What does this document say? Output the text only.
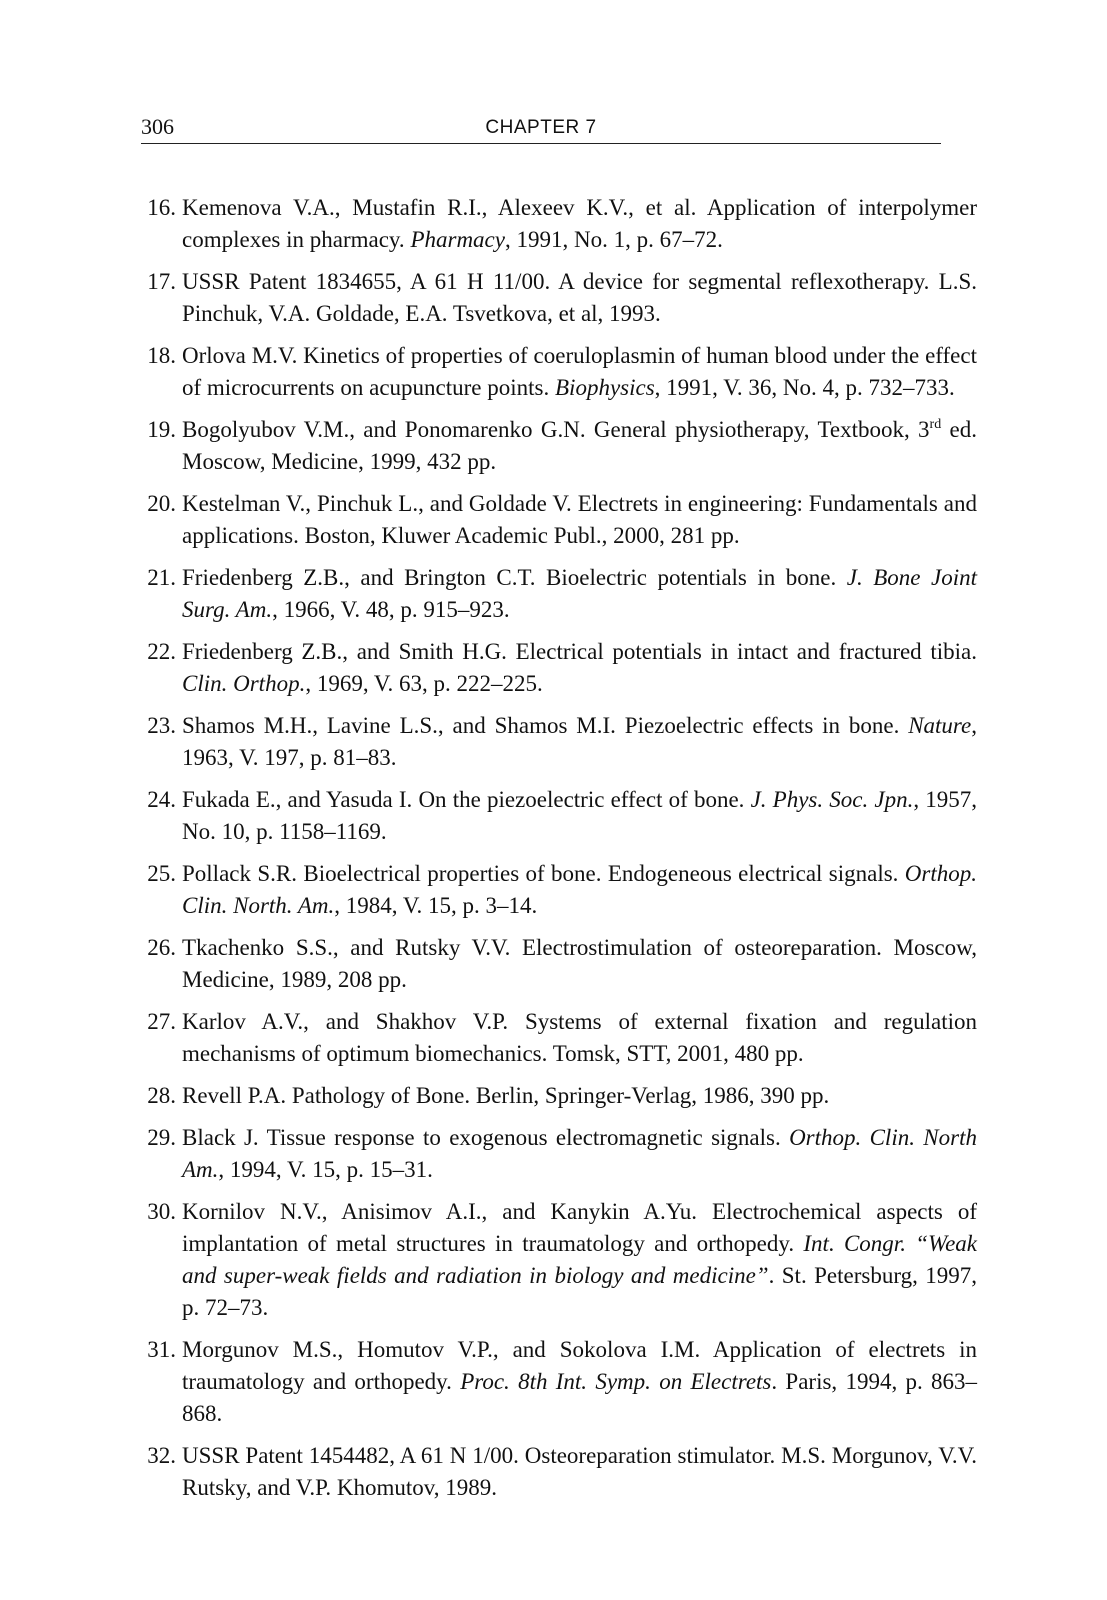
306	CHAPTER 7
16. Kemenova V.A., Mustafin R.I., Alexeev K.V., et al. Application of interpolymer complexes in pharmacy. Pharmacy, 1991, No. 1, p. 67–72.
17. USSR Patent 1834655, A 61 H 11/00. A device for segmental reflexotherapy. L.S. Pinchuk, V.A. Goldade, E.A. Tsvetkova, et al, 1993.
18. Orlova M.V. Kinetics of properties of coeruloplasmin of human blood under the effect of microcurrents on acupuncture points. Biophysics, 1991, V. 36, No. 4, p. 732–733.
19. Bogolyubov V.M., and Ponomarenko G.N. General physiotherapy, Textbook, 3rd ed. Moscow, Medicine, 1999, 432 pp.
20. Kestelman V., Pinchuk L., and Goldade V. Electrets in engineering: Fundamentals and applications. Boston, Kluwer Academic Publ., 2000, 281 pp.
21. Friedenberg Z.B., and Brington C.T. Bioelectric potentials in bone. J. Bone Joint Surg. Am., 1966, V. 48, p. 915–923.
22. Friedenberg Z.B., and Smith H.G. Electrical potentials in intact and fractured tibia. Clin. Orthop., 1969, V. 63, p. 222–225.
23. Shamos M.H., Lavine L.S., and Shamos M.I. Piezoelectric effects in bone. Nature, 1963, V. 197, p. 81–83.
24. Fukada E., and Yasuda I. On the piezoelectric effect of bone. J. Phys. Soc. Jpn., 1957, No. 10, p. 1158–1169.
25. Pollack S.R. Bioelectrical properties of bone. Endogeneous electrical signals. Orthop. Clin. North. Am., 1984, V. 15, p. 3–14.
26. Tkachenko S.S., and Rutsky V.V. Electrostimulation of osteoreparation. Moscow, Medicine, 1989, 208 pp.
27. Karlov A.V., and Shakhov V.P. Systems of external fixation and regulation mechanisms of optimum biomechanics. Tomsk, STT, 2001, 480 pp.
28. Revell P.A. Pathology of Bone. Berlin, Springer-Verlag, 1986, 390 pp.
29. Black J. Tissue response to exogenous electromagnetic signals. Orthop. Clin. North Am., 1994, V. 15, p. 15–31.
30. Kornilov N.V., Anisimov A.I., and Kanykin A.Yu. Electrochemical aspects of implantation of metal structures in traumatology and orthopedy. Int. Congr. “Weak and super-weak fields and radiation in biology and medicine”. St. Petersburg, 1997, p. 72–73.
31. Morgunov M.S., Homutov V.P., and Sokolova I.M. Application of electrets in traumatology and orthopedy. Proc. 8th Int. Symp. on Electrets. Paris, 1994, p. 863–868.
32. USSR Patent 1454482, A 61 N 1/00. Osteoreparation stimulator. M.S. Morgunov, V.V. Rutsky, and V.P. Khomutov, 1989.
